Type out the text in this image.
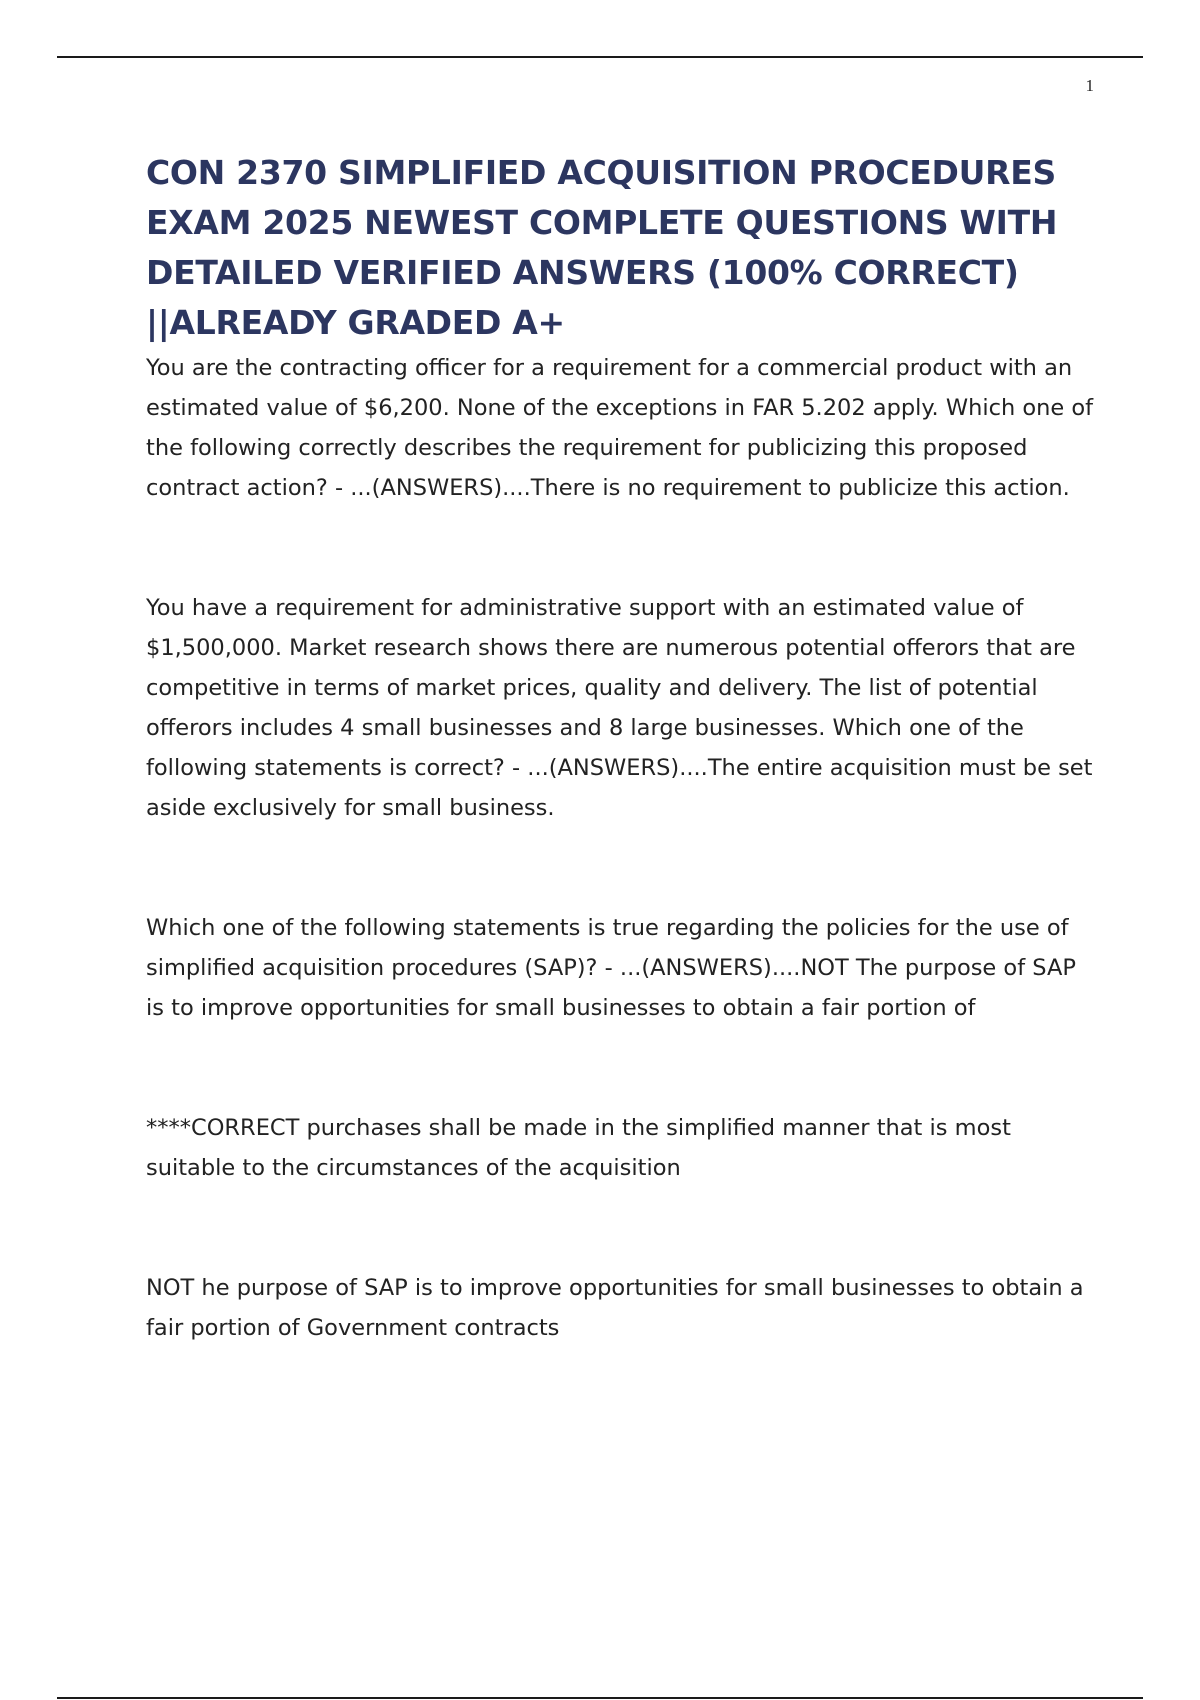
1
CON 2370 SIMPLIFIED ACQUISITION PROCEDURES EXAM 2025 NEWEST COMPLETE QUESTIONS WITH DETAILED VERIFIED ANSWERS (100% CORRECT) ||ALREADY GRADED A+

You are the contracting officer for a requirement for a commercial product with an estimated value of $6,200. None of the exceptions in FAR 5.202 apply. Which one of the following correctly describes the requirement for publicizing this proposed contract action? - ...(ANSWERS)....There is no requirement to publicize this action.

You have a requirement for administrative support with an estimated value of $1,500,000. Market research shows there are numerous potential offerors that are competitive in terms of market prices, quality and delivery. The list of potential offerors includes 4 small businesses and 8 large businesses. Which one of the following statements is correct? - ...(ANSWERS)....The entire acquisition must be set aside exclusively for small business.

Which one of the following statements is true regarding the policies for the use of simplified acquisition procedures (SAP)? - ...(ANSWERS)....NOT The purpose of SAP is to improve opportunities for small businesses to obtain a fair portion of

****CORRECT purchases shall be made in the simplified manner that is most suitable to the circumstances of the acquisition

NOT he purpose of SAP is to improve opportunities for small businesses to obtain a fair portion of Government contracts
